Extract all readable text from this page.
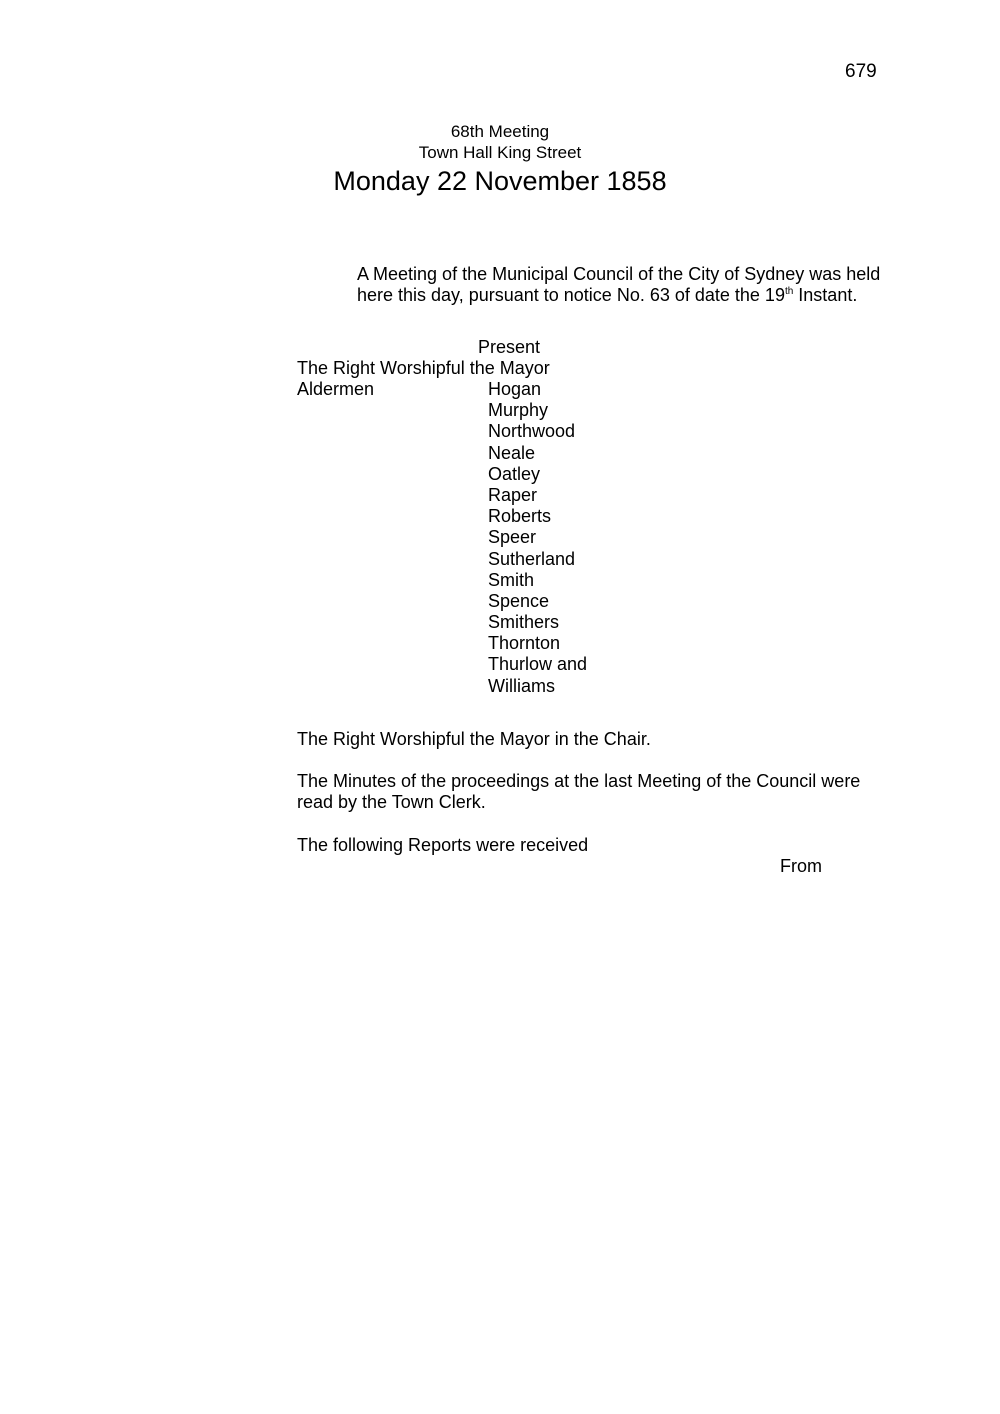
679
68th Meeting
Town Hall King Street
Monday 22 November 1858
A Meeting of the Municipal Council of the City of Sydney was held
here this day, pursuant to notice No. 63 of date the 19th Instant.
Present
The Right Worshipful the Mayor
Aldermen	Hogan
Murphy
Northwood
Neale
Oatley
Raper
Roberts
Speer
Sutherland
Smith
Spence
Smithers
Thornton
Thurlow and
Williams
The Right Worshipful the Mayor in the Chair.
The Minutes of the proceedings at the last Meeting of the Council were
read by the Town Clerk.
The following Reports were received
From
